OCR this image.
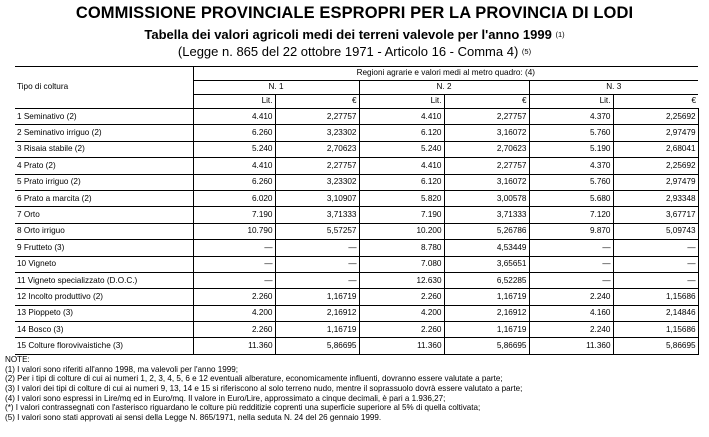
COMMISSIONE PROVINCIALE ESPROPRI PER LA PROVINCIA DI LODI
Tabella dei valori agricoli medi dei terreni valevole per l'anno 1999 $^{(1)}$
(Legge n. 865 del 22 ottobre 1971 - Articolo 16 - Comma 4) $^{(5)}$
	Regioni agrarie e valori medi al metro quadro: (4)					
Tipo di coltura	N. 1		N. 2		N. 3	
	Lit.	€	Lit.	€	Lit.	€
1 Seminativo (2)	4.410	2,27757	4.410	2,27757	4.370	2,25692
2 Seminativo irriguo (2)	6.260	3,23302	6.120	3,16072	5.760	2,97479
3 Risaia stabile (2)	5.240	2,70623	5.240	2,70623	5.190	2,68041
4 Prato (2)	4.410	2,27757	4.410	2,27757	4.370	2,25692
5 Prato irriguo (2)	6.260	3,23302	6.120	3,16072	5.760	2,97479
6 Prato a marcita (2)	6.020	3,10907	5.820	3,00578	5.680	2,93348
7 Orto	7.190	3,71333	7.190	3,71333	7.120	3,67717
8 Orto irriguo	10.790	5,57257	10.200	5,26786	9.870	5,09743
9 Frutteto (3)	—	—	8.780	4,53449	—	—
10 Vigneto	—	—	7.080	3,65651	—	—
11 Vigneto specializzato (D.O.C.)	—	—	12.630	6,52285	—	—
12 Incolto produttivo (2)	2.260	1,16719	2.260	1,16719	2.240	1,15686
13 Pioppeto (3)	4.200	2,16912	4.200	2,16912	4.160	2,14846
14 Bosco (3)	2.260	1,16719	2.260	1,16719	2.240	1,15686
15 Colture florovivaistiche (3)	11.360	5,86695	11.360	5,86695	11.360	5,86695
NOTE:
(1) I valori sono riferiti all'anno 1998, ma valevoli per l'anno 1999;
(2) Per i tipi di colture di cui ai numeri 1, 2, 3, 4, 5, 6 e 12 eventuali alberature, economicamente influenti, dovranno essere valutate a parte;
(3) I valori dei tipi di colture di cui ai numeri 9, 13, 14 e 15 si riferiscono al solo terreno nudo, mentre il soprassuolo dovrà essere valutato a parte;
(4) I valori sono espressi in Lire/mq ed in Euro/mq. Il valore in Euro/Lire, approssimato a cinque decimali, è pari a 1.936,27;
(*) I valori contrassegnati con l'asterisco riguardano le colture più redditizie coprenti una superficie superiore al 5% di quella coltivata;
(5) I valori sono stati approvati ai sensi della Legge N. 865/1971, nella seduta N. 24 del 26 gennaio 1999.
